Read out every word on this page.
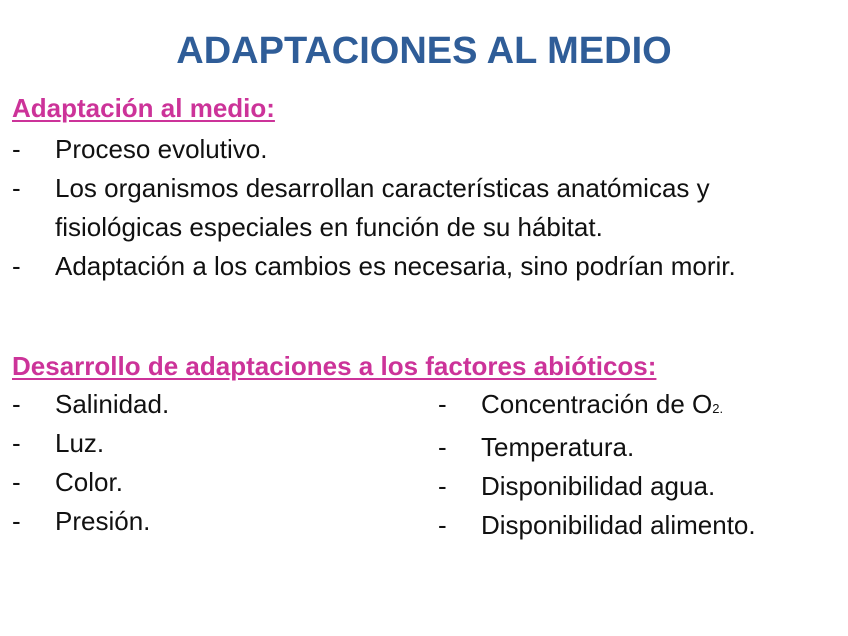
ADAPTACIONES AL MEDIO
Adaptación al medio:
- Proceso evolutivo.
- Los organismos desarrollan características anatómicas y fisiológicas especiales en función de su hábitat.
- Adaptación a los cambios es necesaria, sino podrían morir.
Desarrollo de adaptaciones a los factores abióticos:
- Salinidad.
- Luz.
- Color.
- Presión.
- Concentración de O2.
- Temperatura.
- Disponibilidad agua.
- Disponibilidad alimento.
